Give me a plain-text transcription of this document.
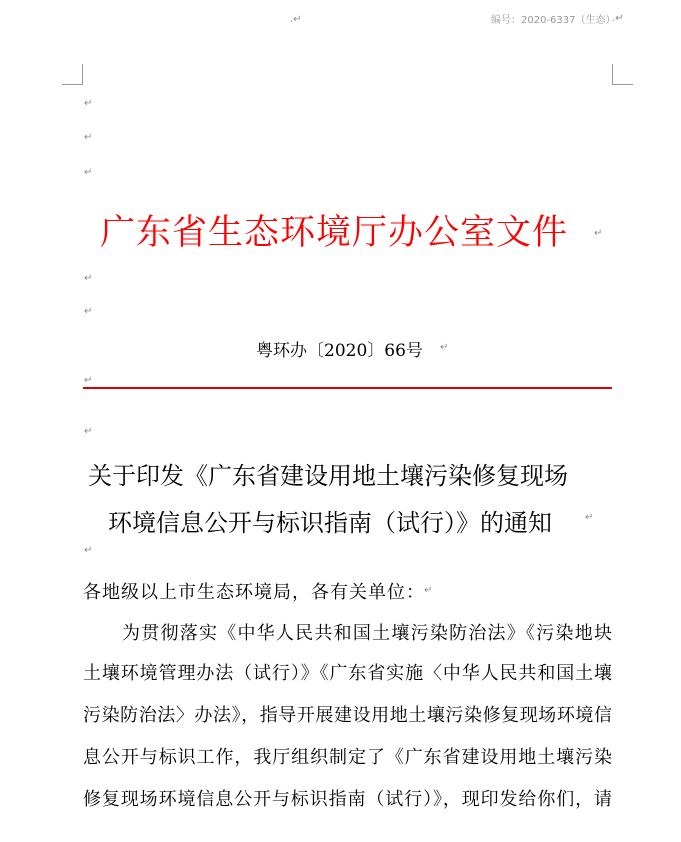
.↵	编号：2020-6337（生态）
.↵
↵
↵
↵
广东省生态环境厅办公室文件	↵
↵
↵
粤环办〔2020〕66号 ↵
↵
↵
关于印发《广东省建设用地土壤污染修复现场
环境信息公开与标识指南（试行）》的通知	↵
↵
各地级以上市生态环境局，各有关单位： ↵
为贯彻落实《中华人民共和国土壤污染防治法》《污染地块
土壤环境管理办法（试行）》《广东省实施〈中华人民共和国土壤
污染防治法〉办法》，指导开展建设用地土壤污染修复现场环境信
息公开与标识工作，我厅组织制定了《广东省建设用地土壤污染
修复现场环境信息公开与标识指南（试行）》，现印发给你们，请
